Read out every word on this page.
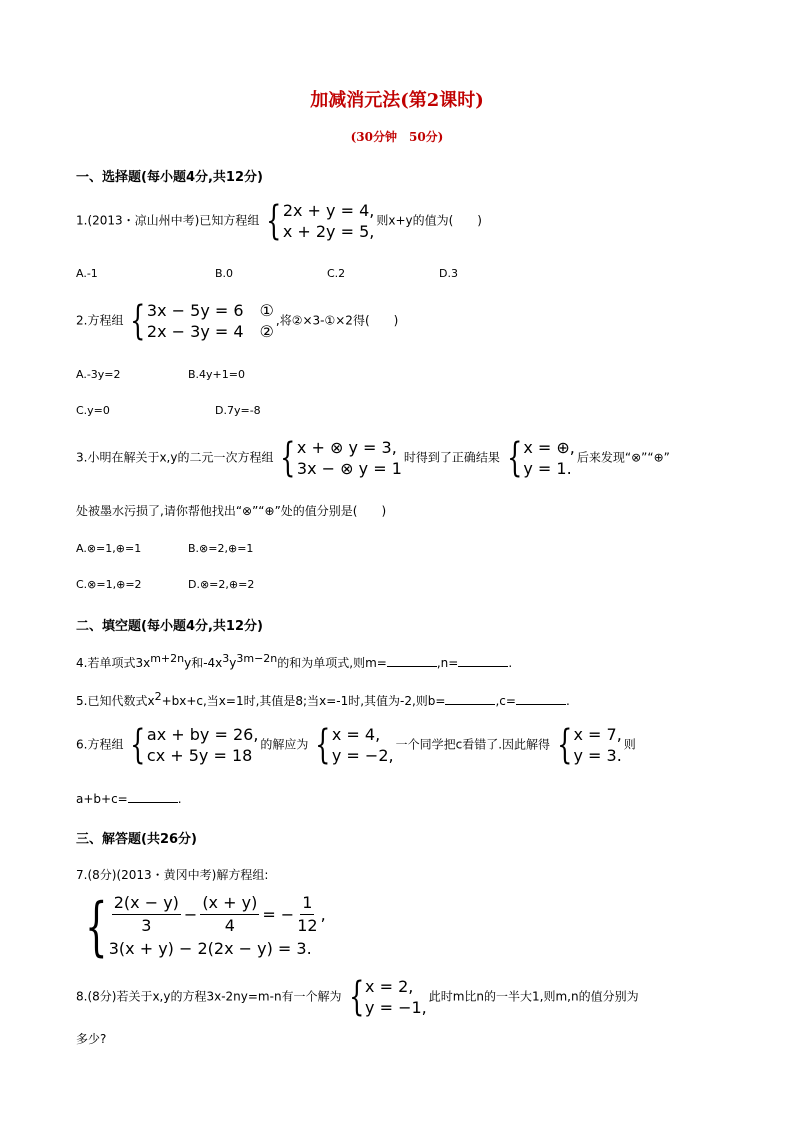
加减消元法(第2课时)
(30分钟　50分)
一、选择题(每小题4分,共12分)
1.(2013・凉山州中考)已知方程组 { 2x + y = 4,
x + 2y = 5,
则x+y的值为(　　)
A.-1	B.0	C.2	D.3
2.方程组 { 3x − 5y = 6　①
2x − 3y = 4　②
,将②×3-①×2得(　　)
A.-3y=2	B.4y+1=0
C.y=0	D.7y=-8
3.小明在解关于x,y的二元一次方程组 { x + ⊗ y = 3,
3x − ⊗ y = 1
时得到了正确结果 { x = ⊕,
y = 1.
后来发现“⊗”“⊕”
处被墨水污损了,请你帮他找出“⊗”“⊕”处的值分别是(　　)
A.⊗=1,⊕=1	B.⊗=2,⊕=1
C.⊗=1,⊕=2	D.⊗=2,⊕=2
二、填空题(每小题4分,共12分)
4.若单项式$3x^{m+2n}y$和$-4x^3y^{3m-2n}$的和为单项式,则m=	,n=	.
5.已知代数式$x^2+bx+c$,当x=1时,其值是8;当x=-1时,其值为-2,则b=	,c=	.
6.方程组 { ax + by = 26,
cx + 5y = 18
的解应为 { x = 4,
y = −2,
一个同学把c看错了.因此解得 { x = 7,
y = 3.
则
a+b+c=	.
三、解答题(共26分)
7.(8分)(2013・黄冈中考)解方程组:
{ $\frac{2(x - y)}{3} - \frac{(x + y)}{4}$ = − $\frac{1}{12}$ ,
3(x + y) − 2(2x − y) = 3.
8.(8分)若关于x,y的方程3x-2ny=m-n有一个解为 { x = 2,
y = −1,
此时m比n的一半大1,则m,n的值分别为
多少?
